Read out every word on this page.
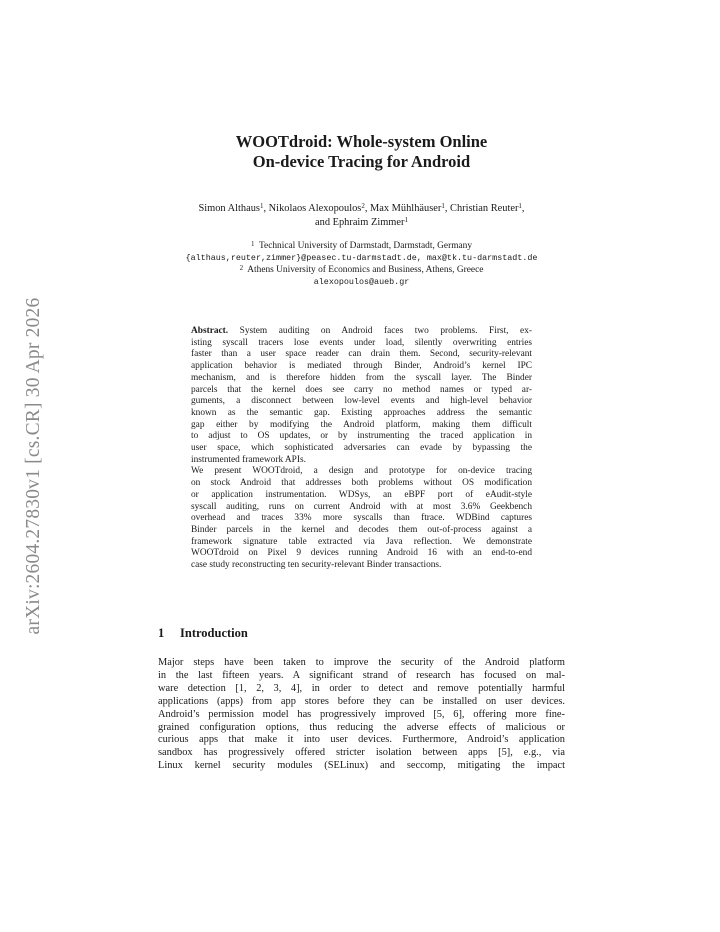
arXiv:2604.27830v1 [cs.CR] 30 Apr 2026
WOOTdroid: Whole-system Online
On-device Tracing for Android
Simon Althaus$^1$, Nikolaos Alexopoulos$^2$, Max Mühlhäuser$^1$, Christian Reuter$^1$,
and Ephraim Zimmer$^1$
$^1$ Technical University of Darmstadt, Darmstadt, Germany
{althaus,reuter,zimmer}@peasec.tu-darmstadt.de, max@tk.tu-darmstadt.de
$^2$ Athens University of Economics and Business, Athens, Greece
alexopoulos@aueb.gr

Abstract. System auditing on Android faces two problems. First, ex-
isting syscall tracers lose events under load, silently overwriting entries
faster than a user space reader can drain them. Second, security-relevant
application behavior is mediated through Binder, Android’s kernel IPC
mechanism, and is therefore hidden from the syscall layer. The Binder
parcels that the kernel does see carry no method names or typed ar-
guments, a disconnect between low-level events and high-level behavior
known as the semantic gap. Existing approaches address the semantic
gap either by modifying the Android platform, making them difficult
to adjust to OS updates, or by instrumenting the traced application in
user space, which sophisticated adversaries can evade by bypassing the
instrumented framework APIs.

We present WOOTdroid, a design and prototype for on-device tracing
on stock Android that addresses both problems without OS modification
or application instrumentation. WDSys, an eBPF port of eAudit-style
syscall auditing, runs on current Android with at most 3.6% Geekbench
overhead and traces 33% more syscalls than ftrace. WDBind captures
Binder parcels in the kernel and decodes them out-of-process against a
framework signature table extracted via Java reflection. We demonstrate
WOOTdroid on Pixel 9 devices running Android 16 with an end-to-end
case study reconstructing ten security-relevant Binder transactions.

1 Introduction
Major steps have been taken to improve the security of the Android platform
in the last fifteen years. A significant strand of research has focused on mal-
ware detection [1, 2, 3, 4], in order to detect and remove potentially harmful
applications (apps) from app stores before they can be installed on user devices.
Android’s permission model has progressively improved [5, 6], offering more fine-
grained configuration options, thus reducing the adverse effects of malicious or
curious apps that make it into user devices. Furthermore, Android’s application
sandbox has progressively offered stricter isolation between apps [5], e.g., via
Linux kernel security modules (SELinux) and seccomp, mitigating the impact
